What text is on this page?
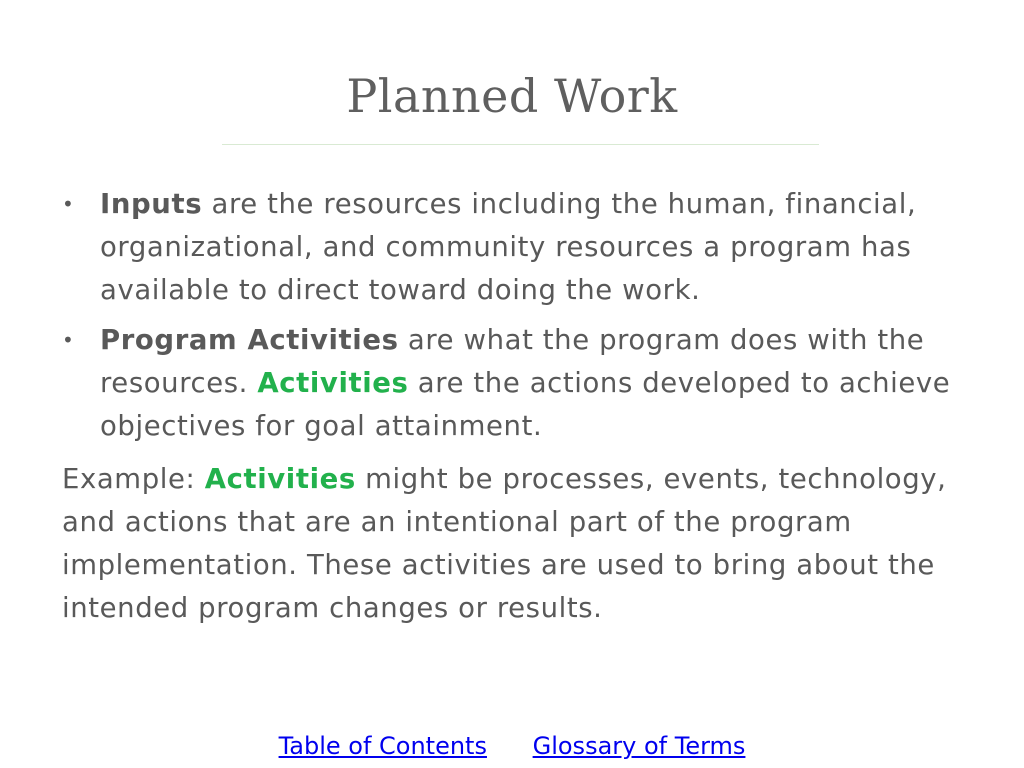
Planned Work
• Inputs are the resources including the human, financial, organizational, and community resources a program has available to direct toward doing the work.
• Program Activities are what the program does with the resources. Activities are the actions developed to achieve objectives for goal attainment.

Example: Activities might be processes, events, technology, and actions that are an intentional part of the program implementation. These activities are used to bring about the intended program changes or results.

Table of Contents Glossary of Terms
